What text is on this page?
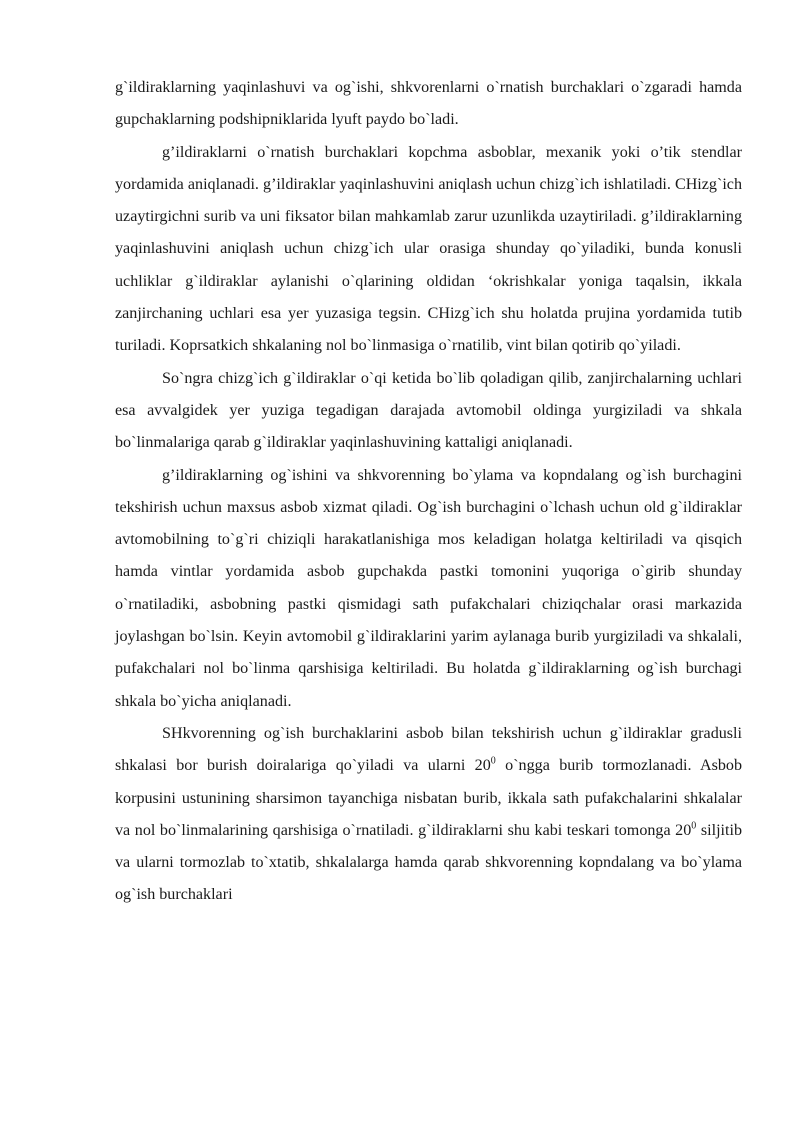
g`ildiraklarning yaqinlashuvi va og`ishi, shkvorenlarni o`rnatish burchaklari o`zgaradi hamda gupchaklarning podshipniklarida lyuft paydo bo`ladi.

g’ildiraklarni o`rnatish burchaklari kopchma asboblar, mexanik yoki o’tik stendlar yordamida aniqlanadi. g’ildiraklar yaqinlashuvini aniqlash uchun chizg`ich ishlatiladi. CHizg`ich uzaytirgichni surib va uni fiksator bilan mahkamlab zarur uzunlikda uzaytiriladi. g’ildiraklarning yaqinlashuvini aniqlash uchun chizg`ich ular orasiga shunday qo`yiladiki, bunda konusli uchliklar g`ildiraklar aylanishi o`qlarining oldidan ‘okrishkalar yoniga taqalsin, ikkala zanjirchaning uchlari esa yer yuzasiga tegsin. CHizg`ich shu holatda prujina yordamida tutib turiladi. Koprsatkich shkalaning nol bo`linmasiga o`rnatilib, vint bilan qotirib qo`yiladi.

So`ngra chizg`ich g`ildiraklar o`qi ketida bo`lib qoladigan qilib, zanjirchalarning uchlari esa avvalgidek yer yuziga tegadigan darajada avtomobil oldinga yurgiziladi va shkala bo`linmalariga qarab g`ildiraklar yaqinlashuvining kattaligi aniqlanadi.

g’ildiraklarning og`ishini va shkvorenning bo`ylama va kopndalang og`ish burchagini tekshirish uchun maxsus asbob xizmat qiladi. Og`ish burchagini o`lchash uchun old g`ildiraklar avtomobilning to`g`ri chiziqli harakatlanishiga mos keladigan holatga keltiriladi va qisqich hamda vintlar yordamida asbob gupchakda pastki tomonini yuqoriga o`girib shunday o`rnatiladiki, asbobning pastki qismidagi sath pufakchalari chiziqchalar orasi markazida joylashgan bo`lsin. Keyin avtomobil g`ildiraklarini yarim aylanaga burib yurgiziladi va shkalali, pufakchalari nol bo`linma qarshisiga keltiriladi. Bu holatda g`ildiraklarning og`ish burchagi shkala bo`yicha aniqlanadi.

SHkvorenning og`ish burchaklarini asbob bilan tekshirish uchun g`ildiraklar gradusli shkalasi bor burish doiralariga qo`yiladi va ularni $20^0$ o`ngga burib tormozlanadi. Asbob korpusini ustunining sharsimon tayanchiga nisbatan burib, ikkala sath pufakchalarini shkalalar va nol bo`linmalarining qarshisiga o`rnatiladi. g`ildiraklarni shu kabi teskari tomonga $20^0$ siljitib va ularni tormozlab to`xtatib, shkalalarga hamda qarab shkvorenning kopndalang va bo`ylama og`ish burchaklari
